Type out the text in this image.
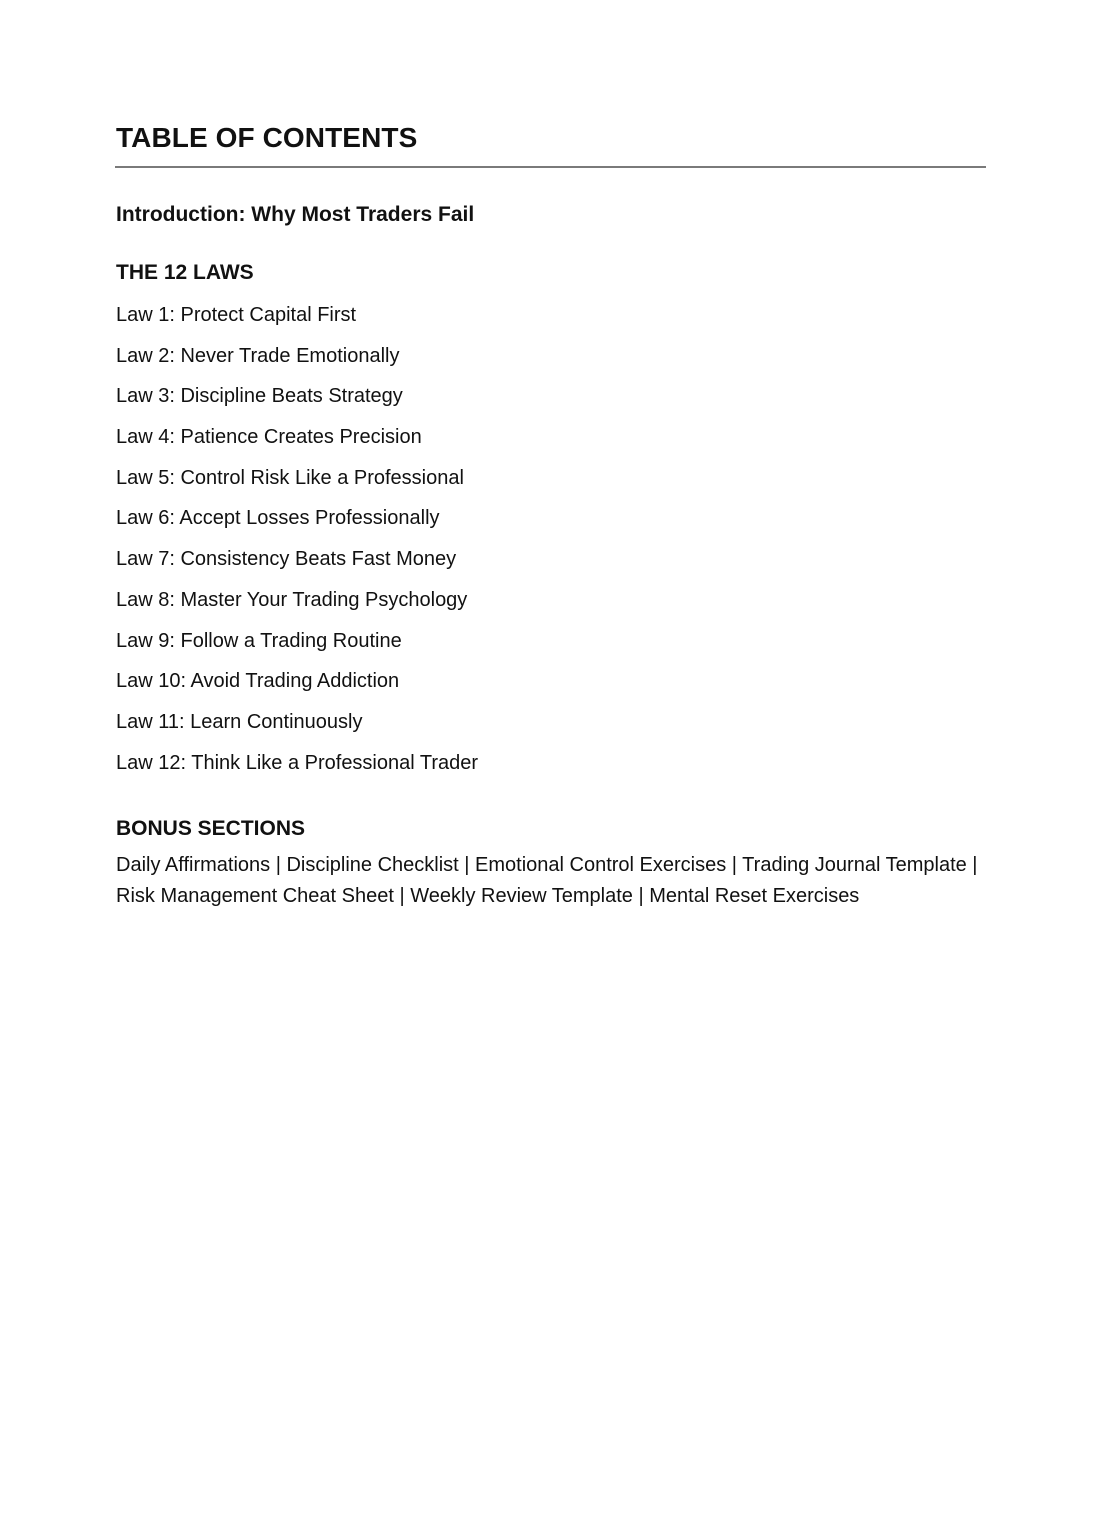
TABLE OF CONTENTS
Introduction: Why Most Traders Fail
THE 12 LAWS
Law 1: Protect Capital First
Law 2: Never Trade Emotionally
Law 3: Discipline Beats Strategy
Law 4: Patience Creates Precision
Law 5: Control Risk Like a Professional
Law 6: Accept Losses Professionally
Law 7: Consistency Beats Fast Money
Law 8: Master Your Trading Psychology
Law 9: Follow a Trading Routine
Law 10: Avoid Trading Addiction
Law 11: Learn Continuously
Law 12: Think Like a Professional Trader
BONUS SECTIONS

Daily Affirmations | Discipline Checklist | Emotional Control Exercises | Trading Journal Template | Risk Management Cheat Sheet | Weekly Review Template | Mental Reset Exercises
